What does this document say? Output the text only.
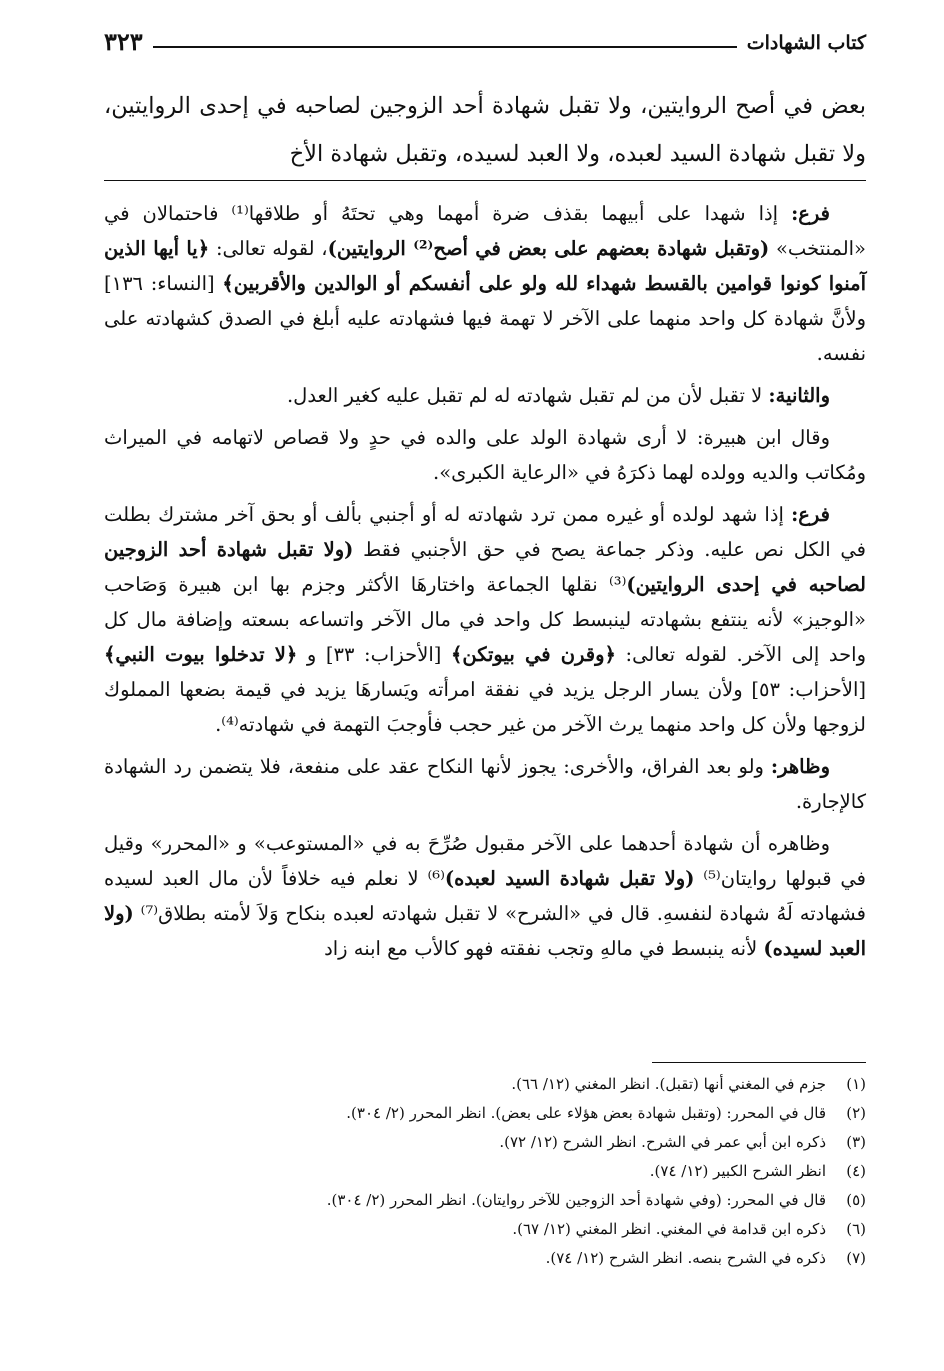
كتاب الشهادات
٣٢٣
بعض في أصح الروايتين، ولا تقبل شهادة أحد الزوجين لصاحبه في إحدى الروايتين، ولا تقبل شهادة السيد لعبده، ولا العبد لسيده، وتقبل شهادة الأخ

فرع: إذا شهدا على أبيهما بقذف ضرة أمهما وهي تحتَهُ أو طلاقها⁽¹⁾ فاحتمالان في «المنتخب» (وتقبل شهادة بعضهم على بعض في أصح⁽²⁾ الروايتين)، لقوله تعالى: ﴿يا أيها الذين آمنوا كونوا قوامين بالقسط شهداء لله ولو على أنفسكم أو الوالدين والأقربين﴾ [النساء: ١٣٦] ولأنَّ شهادة كل واحد منهما على الآخر لا تهمة فيها فشهادته عليه أبلغ في الصدق كشهادته على نفسه.

والثانية: لا تقبل لأن من لم تقبل شهادته له لم تقبل عليه كغير العدل.

وقال ابن هبيرة: لا أرى شهادة الولد على والده في حدٍ ولا قصاص لاتهامه في الميراث ومُكاتب والديه وولده لهما ذكرَهُ في «الرعاية الكبرى».

فرع: إذا شهد لولده أو غيره ممن ترد شهادته له أو أجنبي بألف أو بحق آخر مشترك بطلت في الكل نص عليه. وذكر جماعة يصح في حق الأجنبي فقط (ولا تقبل شهادة أحد الزوجين لصاحبه في إحدى الروايتين)⁽³⁾ نقلها الجماعة واختارهَا الأكثر وجزم بها ابن هبيرة وَصَاحب «الوجيز» لأنه ينتفع بشهادته لينبسط كل واحد في مال الآخر واتساعه بسعته وإضافة مال كل واحد إلى الآخر. لقوله تعالى: ﴿وقرن في بيوتكن﴾ [الأحزاب: ٣٣] و ﴿لا تدخلوا بيوت النبي﴾ [الأحزاب: ٥٣] ولأن يسار الرجل يزيد في نفقة امرأته ويَسارهَا يزيد في قيمة بضعها المملوك لزوجها ولأن كل واحد منهما يرث الآخر من غير حجب فأوجبَ التهمة في شهادته⁽⁴⁾.

وظاهر: ولو بعد الفراق، والأخرى: يجوز لأنها النكاح عقد على منفعة، فلا يتضمن رد الشهادة كالإجارة.

وظاهره أن شهادة أحدهما على الآخر مقبول صُرِّحَ به في «المستوعب» و «المحرر» وقيل في قبولها روايتان⁽⁵⁾ (ولا تقبل شهادة السيد لعبده)⁽⁶⁾ لا نعلم فيه خلافاً لأن مال العبد لسيده فشهادته لَهُ شهادة لنفسهِ. قال في «الشرح» لا تقبل شهادته لعبده بنكاح وَلاَ لأمته بطلاق⁽⁷⁾ (ولا العبد لسيده) لأنه ينبسط في مالهِ وتجب نفقته فهو كالأب مع ابنه زاد

(١)جزم في المغني أنها (تقبل). انظر المغني (١٢/ ٦٦).
(٢)قال في المحرر: (وتقبل شهادة بعض هؤلاء على بعض). انظر المحرر (٢/ ٣٠٤).
(٣)ذكره ابن أبي عمر في الشرح. انظر الشرح (١٢/ ٧٢).
(٤)انظر الشرح الكبير (١٢/ ٧٤).
(٥)قال في المحرر: (وفي شهادة أحد الزوجين للآخر روايتان). انظر المحرر (٢/ ٣٠٤).
(٦)ذكره ابن قدامة في المغني. انظر المغني (١٢/ ٦٧).
(٧)ذكره في الشرح بنصه. انظر الشرح (١٢/ ٧٤).
